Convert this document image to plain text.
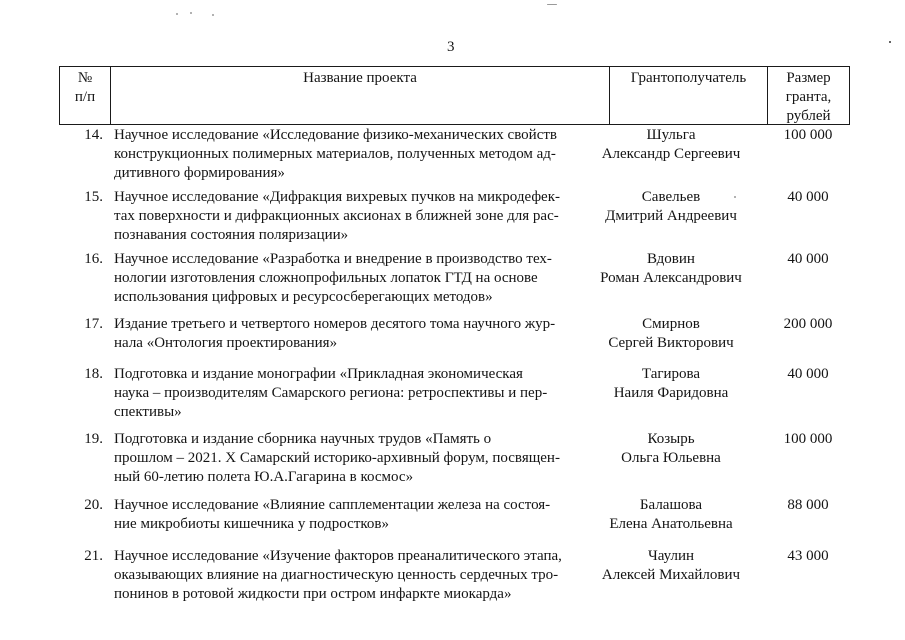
3
№
п/п
Название проекта	Грантополучатель	Размер
гранта,
рублей
14. Научное исследование «Исследование физико-механических свойств
конструкционных полимерных материалов, полученных методом ад-
дитивного формирования»
Шульга
Александр Сергеевич
100 000
15. Научное исследование «Дифракция вихревых пучков на микродефек-
тах поверхности и дифракционных аксионах в ближней зоне для рас-
познавания состояния поляризации»
Савельев
Дмитрий Андреевич
40 000
16. Научное исследование «Разработка и внедрение в производство тех-
нологии изготовления сложнопрофильных лопаток ГТД на основе
использования цифровых и ресурсосберегающих методов»
Вдовин
Роман Александрович
40 000
17. Издание третьего и четвертого номеров десятого тома научного жур-
нала «Онтология проектирования»
Смирнов
Сергей Викторович
200 000
18. Подготовка и издание монографии «Прикладная экономическая
наука – производителям Самарского региона: ретроспективы и пер-
спективы»
Тагирова
Наиля Фаридовна
40 000
19. Подготовка и издание сборника научных трудов «Память о
прошлом – 2021. X Самарский историко-архивный форум, посвящен-
ный 60-летию полета Ю.А.Гагарина в космос»
Козырь
Ольга Юльевна
100 000
20. Научное исследование «Влияние сапплементации железа на состоя-
ние микробиоты кишечника у подростков»
Балашова
Елена Анатольевна
88 000
21. Научное исследование «Изучение факторов преаналитического этапа,
оказывающих влияние на диагностическую ценность сердечных тро-
понинов в ротовой жидкости при остром инфаркте миокарда»
Чаулин
Алексей Михайлович
43 000
